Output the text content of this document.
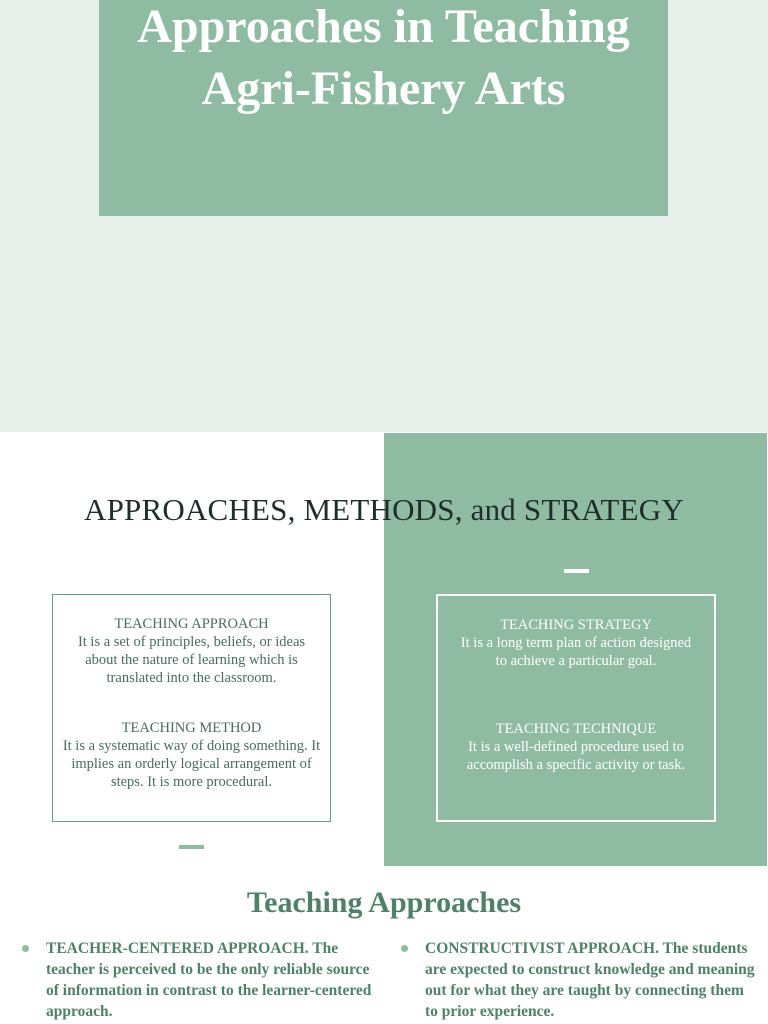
Approaches in Teaching Agri-Fishery Arts
APPROACHES, METHODS, and STRATEGY
TEACHING APPROACH
It is a set of principles, beliefs, or ideas about the nature of learning which is translated into the classroom.
TEACHING METHOD
It is a systematic way of doing something. It implies an orderly logical arrangement of steps. It is more procedural.
TEACHING STRATEGY
It is a long term plan of action designed to achieve a particular goal.
TEACHING TECHNIQUE
It is a well-defined procedure used to accomplish a specific activity or task.
Teaching Approaches
TEACHER-CENTERED APPROACH. The teacher is perceived to be the only reliable source of information in contrast to the learner-centered approach.
CONSTRUCTIVIST APPROACH. The students are expected to construct knowledge and meaning out for what they are taught by connecting them to prior experience.
